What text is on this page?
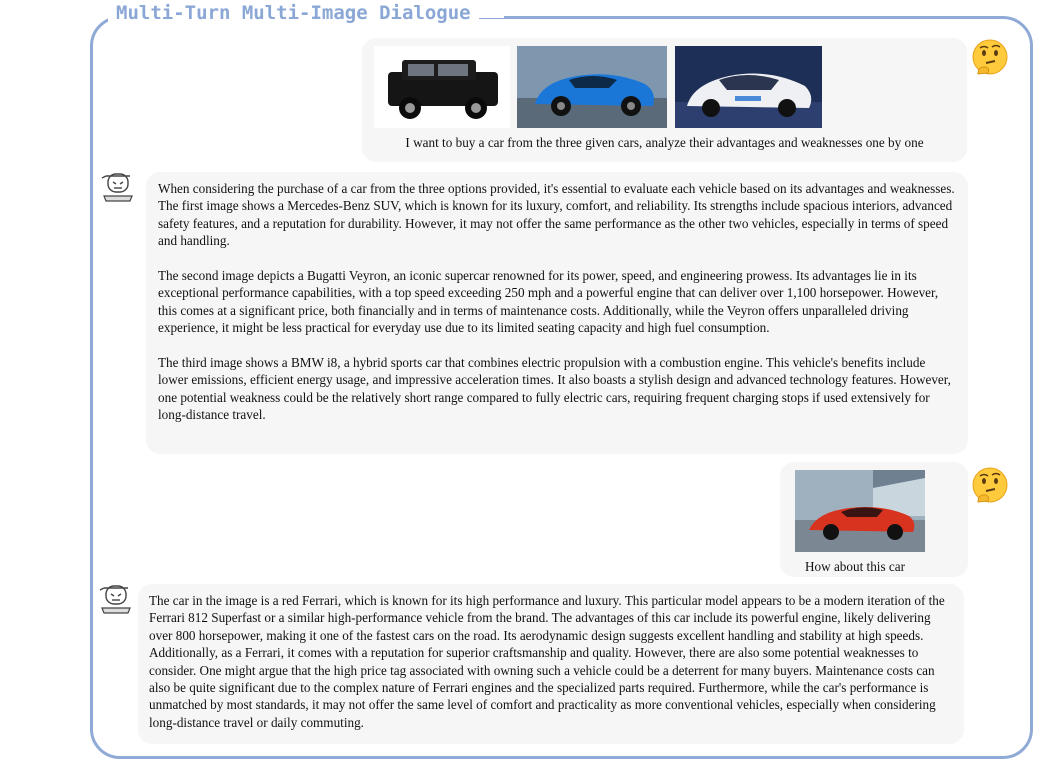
Multi-Turn Multi-Image Dialogue
I want to buy a car from the three given cars, analyze their advantages and weaknesses one by one

When considering the purchase of a car from the three options provided, it's essential to evaluate each vehicle based on its advantages and weaknesses. The first image shows a Mercedes-Benz SUV, which is known for its luxury, comfort, and reliability. Its strengths include spacious interiors, advanced safety features, and a reputation for durability. However, it may not offer the same performance as the other two vehicles, especially in terms of speed and handling.

The second image depicts a Bugatti Veyron, an iconic supercar renowned for its power, speed, and engineering prowess. Its advantages lie in its exceptional performance capabilities, with a top speed exceeding 250 mph and a powerful engine that can deliver over 1,100 horsepower. However, this comes at a significant price, both financially and in terms of maintenance costs. Additionally, while the Veyron offers unparalleled driving experience, it might be less practical for everyday use due to its limited seating capacity and high fuel consumption.

The third image shows a BMW i8, a hybrid sports car that combines electric propulsion with a combustion engine. This vehicle's benefits include lower emissions, efficient energy usage, and impressive acceleration times. It also boasts a stylish design and advanced technology features. However, one potential weakness could be the relatively short range compared to fully electric cars, requiring frequent charging stops if used extensively for long-distance travel.

How about this car

The car in the image is a red Ferrari, which is known for its high performance and luxury. This particular model appears to be a modern iteration of the Ferrari 812 Superfast or a similar high-performance vehicle from the brand. The advantages of this car include its powerful engine, likely delivering over 800 horsepower, making it one of the fastest cars on the road. Its aerodynamic design suggests excellent handling and stability at high speeds. Additionally, as a Ferrari, it comes with a reputation for superior craftsmanship and quality. However, there are also some potential weaknesses to consider. One might argue that the high price tag associated with owning such a vehicle could be a deterrent for many buyers. Maintenance costs can also be quite significant due to the complex nature of Ferrari engines and the specialized parts required. Furthermore, while the car's performance is unmatched by most standards, it may not offer the same level of comfort and practicality as more conventional vehicles, especially when considering long-distance travel or daily commuting.
